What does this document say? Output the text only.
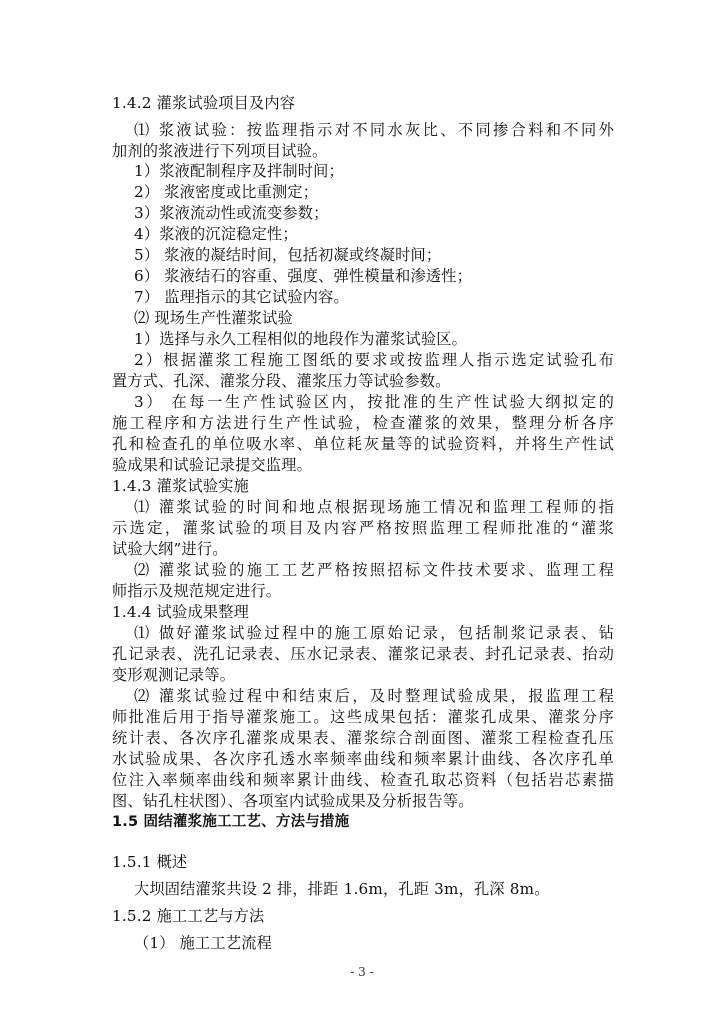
1.4.2 灌浆试验项目及内容
⑴ 浆液试验：按监理指示对不同水灰比、不同掺合料和不同外
加剂的浆液进行下列项目试验。
1）浆液配制程序及拌制时间；
2） 浆液密度或比重测定；
3）浆液流动性或流变参数；
4）浆液的沉淀稳定性；
5） 浆液的凝结时间，包括初凝或终凝时间；
6） 浆液结石的容重、强度、弹性模量和渗透性；
7） 监理指示的其它试验内容。
⑵ 现场生产性灌浆试验
1）选择与永久工程相似的地段作为灌浆试验区。
2）根据灌浆工程施工图纸的要求或按监理人指示选定试验孔布
置方式、孔深、灌浆分段、灌浆压力等试验参数。
3） 在每一生产性试验区内，按批准的生产性试验大纲拟定的
施工程序和方法进行生产性试验，检查灌浆的效果，整理分析各序
孔和检查孔的单位吸水率、单位耗灰量等的试验资料，并将生产性试
验成果和试验记录提交监理。
1.4.3 灌浆试验实施
⑴ 灌浆试验的时间和地点根据现场施工情况和监理工程师的指
示选定，灌浆试验的项目及内容严格按照监理工程师批准的“灌浆
试验大纲”进行。
⑵ 灌浆试验的施工工艺严格按照招标文件技术要求、监理工程
师指示及规范规定进行。
1.4.4 试验成果整理
⑴ 做好灌浆试验过程中的施工原始记录，包括制浆记录表、钻
孔记录表、洗孔记录表、压水记录表、灌浆记录表、封孔记录表、抬动
变形观测记录等。
⑵ 灌浆试验过程中和结束后，及时整理试验成果，报监理工程
师批准后用于指导灌浆施工。这些成果包括：灌浆孔成果、灌浆分序
统计表、各次序孔灌浆成果表、灌浆综合剖面图、灌浆工程检查孔压
水试验成果、各次序孔透水率频率曲线和频率累计曲线、各次序孔单
位注入率频率曲线和频率累计曲线、检查孔取芯资料（包括岩芯素描
图、钻孔柱状图）、各项室内试验成果及分析报告等。
1.5 固结灌浆施工工艺、方法与措施
1.5.1 概述
大坝固结灌浆共设 2 排，排距 1.6m，孔距 3m，孔深 8m。
1.5.2 施工工艺与方法
（1） 施工工艺流程
- 3 -
